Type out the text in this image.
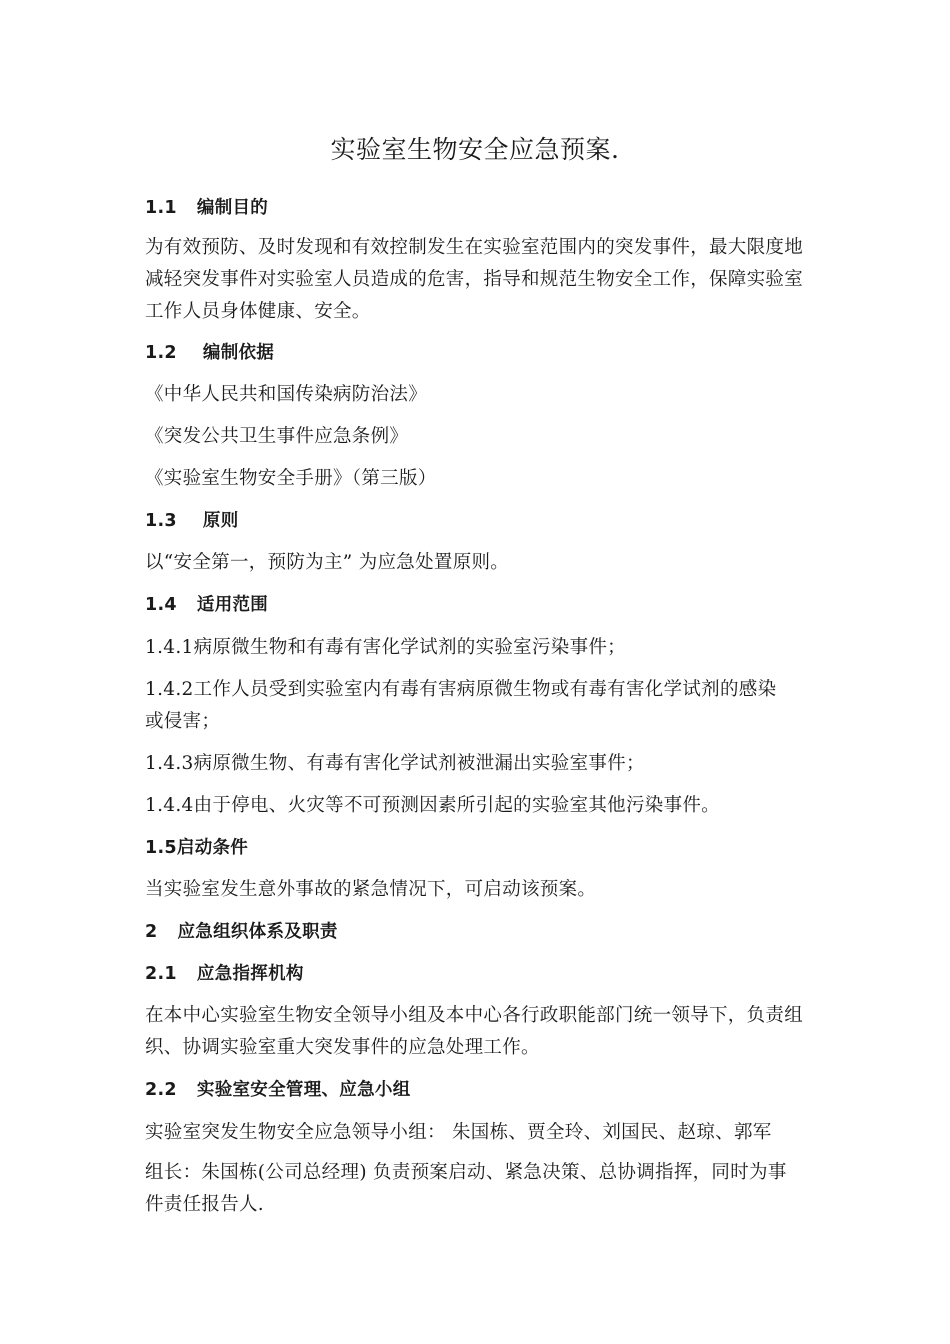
实验室生物安全应急预案.
1.1 编制目的
为有效预防、及时发现和有效控制发生在实验室范围内的突发事件，最大限度地
减轻突发事件对实验室人员造成的危害，指导和规范生物安全工作，保障实验室
工作人员身体健康、安全。
1.2 编制依据
《中华人民共和国传染病防治法》
《突发公共卫生事件应急条例》
《实验室生物安全手册》（第三版）
1.3 原则
以“安全第一，预防为主” 为应急处置原则。
1.4 适用范围
1.4.1病原微生物和有毒有害化学试剂的实验室污染事件；
1.4.2工作人员受到实验室内有毒有害病原微生物或有毒有害化学试剂的感染
或侵害；
1.4.3病原微生物、有毒有害化学试剂被泄漏出实验室事件；
1.4.4由于停电、火灾等不可预测因素所引起的实验室其他污染事件。
1.5启动条件
当实验室发生意外事故的紧急情况下，可启动该预案。
2 应急组织体系及职责
2.1 应急指挥机构
在本中心实验室生物安全领导小组及本中心各行政职能部门统一领导下，负责组
织、协调实验室重大突发事件的应急处理工作。
2.2 实验室安全管理、应急小组
实验室突发生物安全应急领导小组： 朱国栋、贾全玲、刘国民、赵琼、郭军
组长：朱国栋(公司总经理) 负责预案启动、紧急决策、总协调指挥，同时为事
件责任报告人.
